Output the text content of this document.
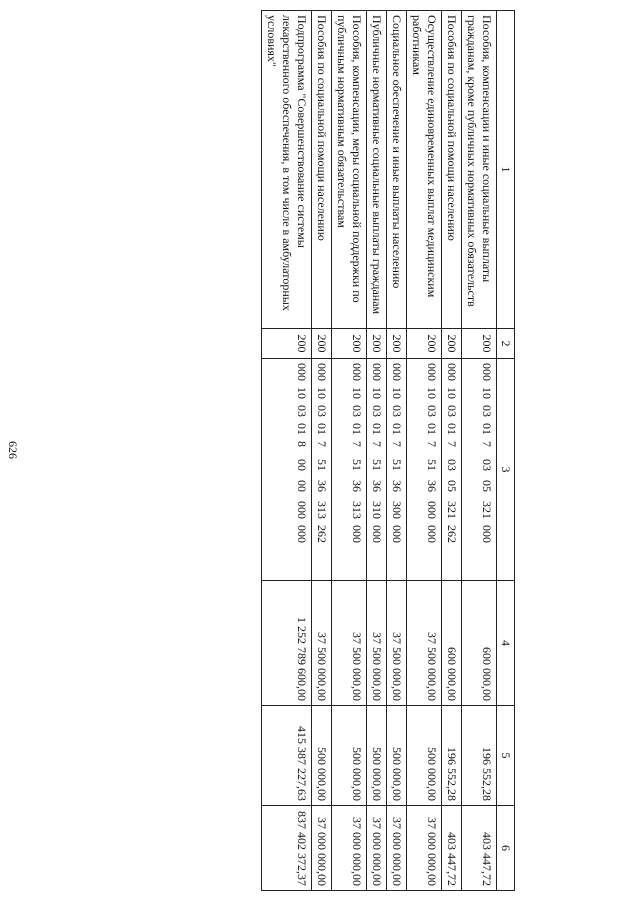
626
1	2	3	4	5	6
Пособия, компенсации и иные социальные выплаты гражданам, кроме публичных нормативных обязательств	200	000  10  03  01  7    03   05   321  000	600 000,00	196 552,28	403 447,72
Пособия по социальной помощи населению	200	000  10  03  01  7    03   05   321  262	600 000,00	196 552,28	403 447,72
Осуществление единовременных выплат медицинским работникам	200	000  10  03  01  7    51   36   000  000	37 500 000,00	500 000,00	37 000 000,00
Социальное обеспечение и иные выплаты населению	200	000  10  03  01  7    51   36   300  000	37 500 000,00	500 000,00	37 000 000,00
Публичные нормативные социальные выплаты гражданам	200	000  10  03  01  7    51   36   310  000	37 500 000,00	500 000,00	37 000 000,00
Пособия, компенсации, меры социальной поддержки по публичным нормативным обязательствам	200	000  10  03  01  7    51   36   313  000	37 500 000,00	500 000,00	37 000 000,00
Пособия по социальной помощи населению	200	000  10  03  01  7    51   36   313  262	37 500 000,00	500 000,00	37 000 000,00
Подпрограмма "Совершенствование системы лекарственного обеспечения, в том числе в амбулаторных условиях"	200	000  10  03  01  8    00   00   000  000	1 252 789 600,00	415 387 227,63	837 402 372,37
